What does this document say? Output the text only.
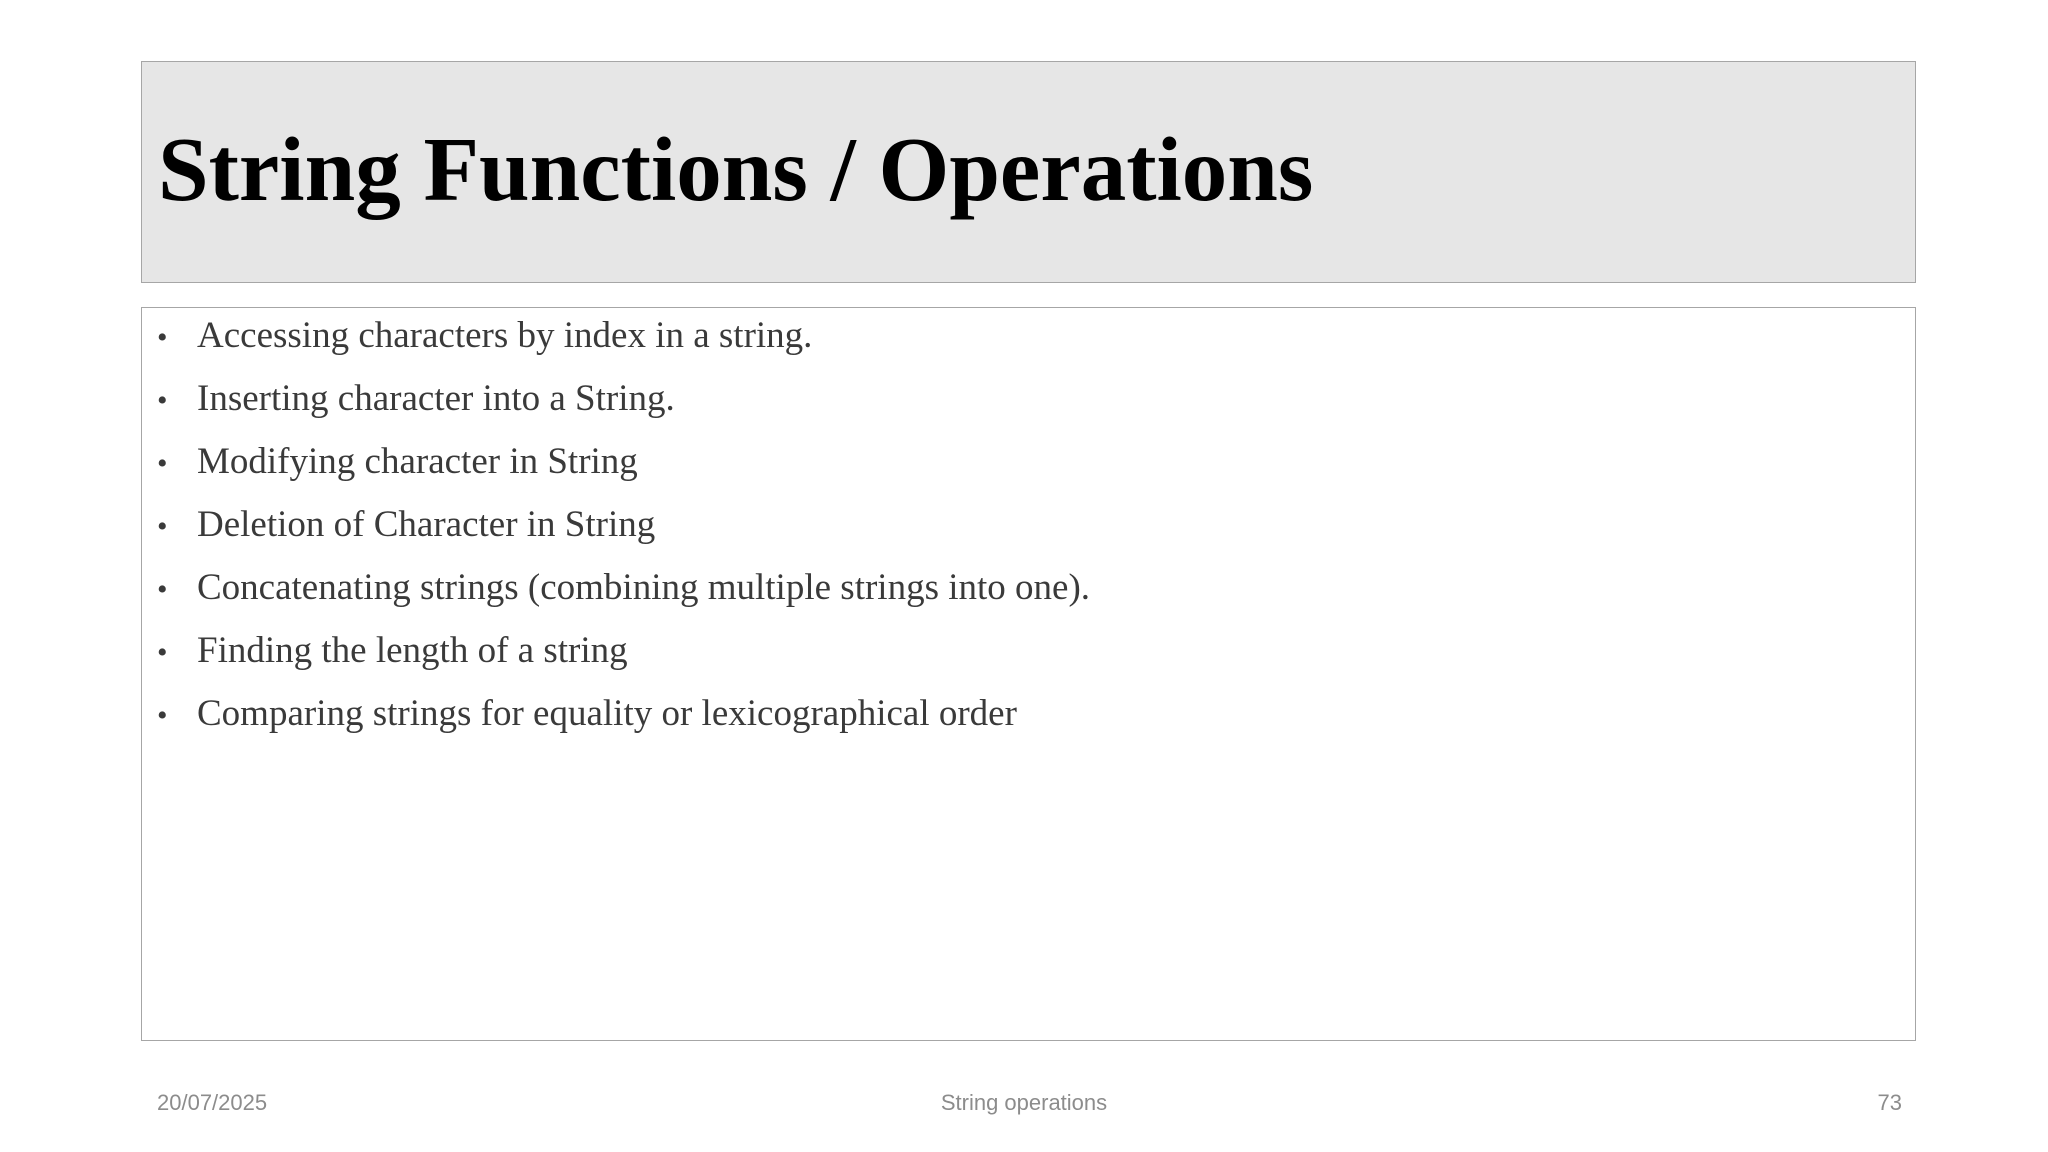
String Functions / Operations
• Accessing characters by index in a string.
• Inserting character into a String.
• Modifying character in String
• Deletion of Character in String
• Concatenating strings (combining multiple strings into one).
• Finding the length of a string
• Comparing strings for equality or lexicographical order
20/07/2025	String operations	73
